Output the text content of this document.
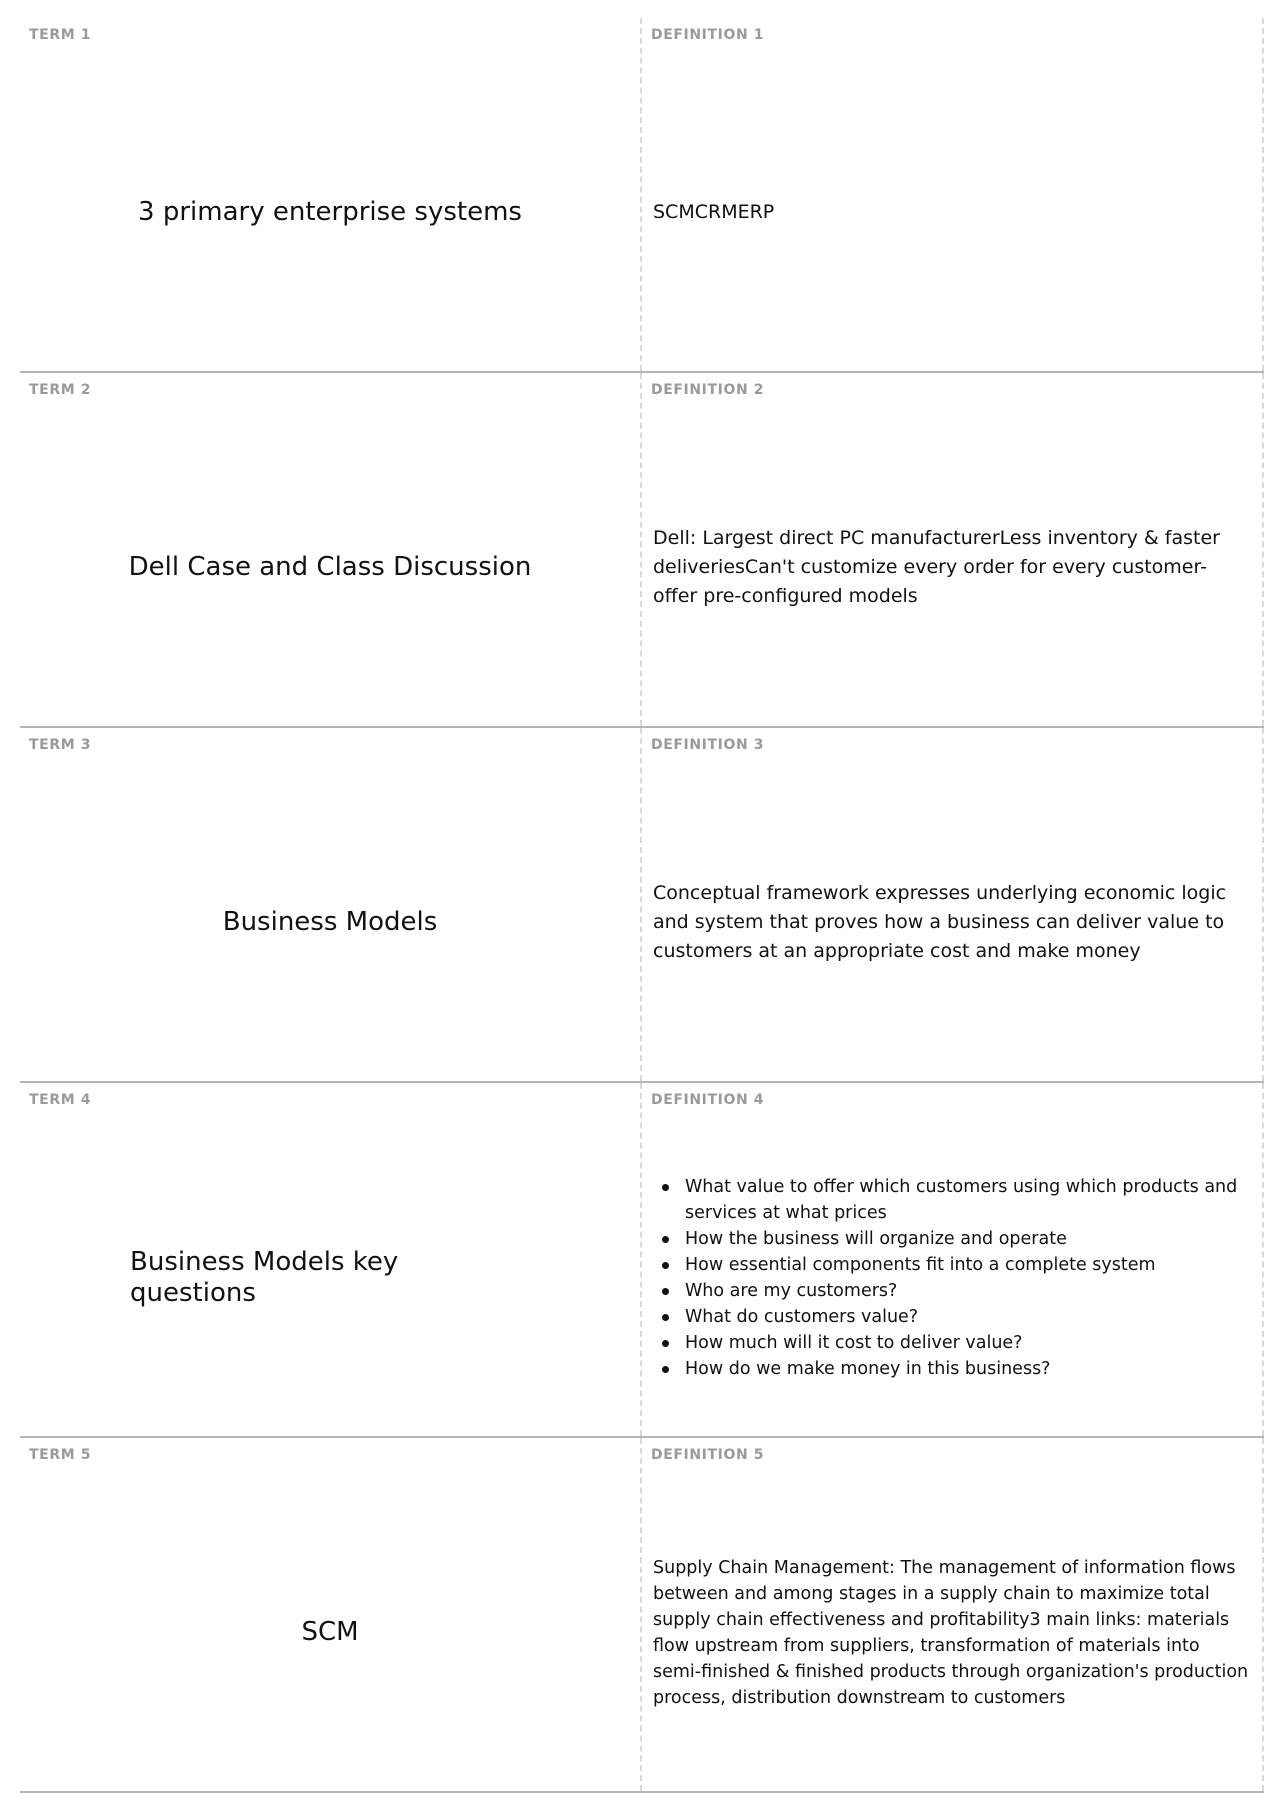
TERM 1
3 primary enterprise systems
DEFINITION 1
SCMCRMERP
TERM 2
Dell Case and Class Discussion
DEFINITION 2
Dell: Largest direct PC manufacturerLess inventory & faster deliveriesCan't customize every order for every customer-offer pre-configured models
TERM 3
Business Models
DEFINITION 3
Conceptual framework expresses underlying economic logic and system that proves how a business can deliver value to customers at an appropriate cost and make money
TERM 4
Business Models key questions
DEFINITION 4
What value to offer which customers using which products and services at what prices
How the business will organize and operate
How essential components fit into a complete system
Who are my customers?
What do customers value?
How much will it cost to deliver value?
How do we make money in this business?
TERM 5
SCM
DEFINITION 5
Supply Chain Management: The management of information flows between and among stages in a supply chain to maximize total supply chain effectiveness and profitability3 main links: materials flow upstream from suppliers, transformation of materials into semi-finished & finished products through organization's production process, distribution downstream to customers
